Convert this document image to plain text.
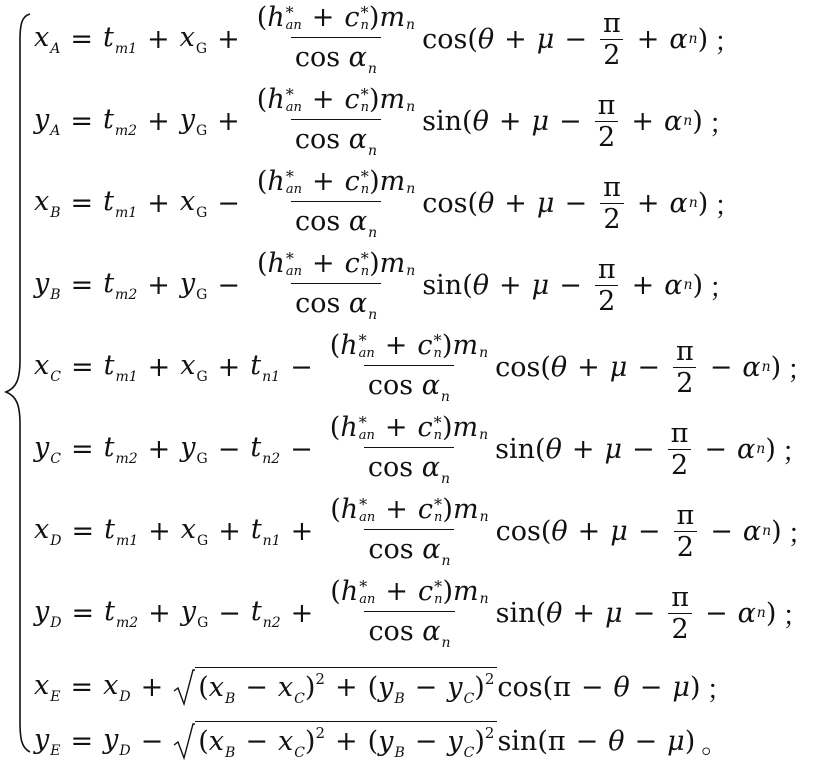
$x_A = t_{m1} + x_G$ + ( h *
an + c *
n ) m n
$\cos \alpha_n$ cos ( $\theta + \mu - \frac{\pi}{2} + \alpha$ n ) ；
$y_A = t_{m2} + y_G$ + ( h *
an + c *
n ) m n
$\cos \alpha_n$ sin ( $\theta + \mu - \frac{\pi}{2} + \alpha$ n ) ；
$x_B = t_{m1} + x_G$ − ( h *
an + c *
n ) m n
$\cos \alpha_n$ cos ( $\theta + \mu - \frac{\pi}{2} + \alpha$ n ) ；
$y_B = t_{m2} + y_G$ − ( h *
an + c *
n ) m n
$\cos \alpha_n$ sin ( $\theta + \mu - \frac{\pi}{2} + \alpha$ n ) ；
$x_C = t_{m1} + x_G + t_{n1}$ − ( h *
an + c *
n ) m n
$\cos \alpha_n$ cos ( $\theta + \mu - \frac{\pi}{2} - \alpha$ n ) ；
$y_C = t_{m2} + y_G - t_{n2}$ − ( h *
an + c *
n ) m n
$\cos \alpha_n$ sin ( $\theta + \mu - \frac{\pi}{2} - \alpha$ n ) ；
$x_D = t_{m1} + x_G + t_{n1}$ + ( h *
an + c *
n ) m n
$\cos \alpha_n$ cos ( $\theta + \mu - \frac{\pi}{2} - \alpha$ n ) ；
$y_D = t_{m2} + y_G - t_{n2}$ + ( h *
an + c *
n ) m n
$\cos \alpha_n$ sin ( $\theta + \mu - \frac{\pi}{2} - \alpha$ n ) ；
$x_E = x_D + (x_B - x_C)^2 + (y_B - y_C)^2$ cos ( π − θ − μ ) ；
$y_E = y_D - (x_B - x_C)^2 + (y_B - y_C)^2$ sin ( π − θ − μ ) 。
